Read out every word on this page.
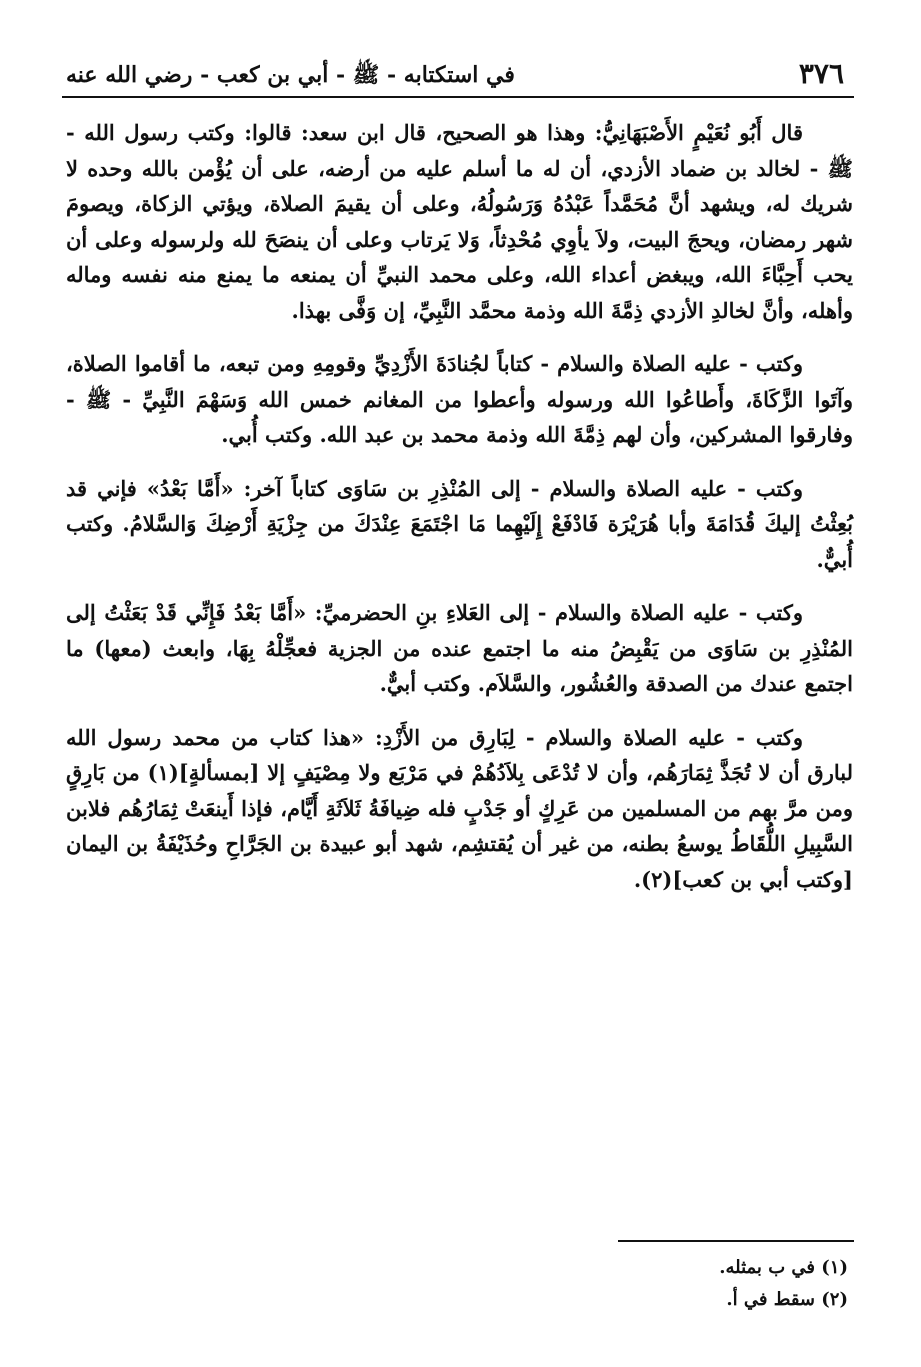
٣٧٦
في استكتابه - ﷺ - أبي بن كعب - رضي الله عنه

قال أَبُو نُعَيْمٍ الأَصْبَهَانِيُّ: وهذا هو الصحيح، قال ابن سعد: قالوا: وكتب رسول الله - ﷺ - لخالد بن ضماد الأزدي، أن له ما أسلم عليه من أرضه، على أن يُؤْمن بالله وحده لا شريك له، ويشهد أنَّ مُحَمَّداً عَبْدُهُ وَرَسُولُهُ، وعلى أن يقيمَ الصلاة، ويؤتي الزكاة، ويصومَ شهر رمضان، ويحجَ البيت، ولاَ يأوِي مُحْدِثاً، وَلا يَرتاب وعلى أن ينصَحَ لله ولرسوله وعلى أن يحب أَحِبَّاءَ الله، ويبغض أعداء الله، وعلى محمد النبيِّ أن يمنعه ما يمنع منه نفسه وماله وأهله، وأنَّ لخالدِ الأزدي ذِمَّةَ الله وذمة محمَّد النَّبِيِّ، إن وَفَّى بهذا.

وكتب - عليه الصلاة والسلام - كتاباً لجُنادَةَ الأَزْدِيِّ وقومِهِ ومن تبعه، ما أقاموا الصلاة، وآتَوا الزَّكَاةَ، وأَطاعُوا الله ورسوله وأعطوا من المغانم خمس الله وَسَهْمَ النَّبِيِّ - ﷺ - وفارقوا المشركين، وأن لهم ذِمَّةَ الله وذمة محمد بن عبد الله. وكتب أُبي.

وكتب - عليه الصلاة والسلام - إلى المُنْذِرِ بن سَاوَى كتاباً آخر: «أَمَّا بَعْدُ» فإني قد بُعِثْتُ إليكَ قُدَامَةَ وأبا هُرَيْرَة فَادْفَعْ إِلَيْهِما مَا اجْتَمَعَ عِنْدَكَ من جِزْيَةِ أَرْضِكَ وَالسَّلامُ. وكتب أُبيٌّ.

وكتب - عليه الصلاة والسلام - إلى العَلاءِ بنِ الحضرميِّ: «أَمَّا بَعْدُ فَإِنِّي قَدْ بَعَثْتُ إلى المُنْذِرِ بن سَاوَى من يَقْبِضُ منه ما اجتمع عنده من الجزية فعجِّلْهُ بِهَا، وابعث (معها) ما اجتمع عندك من الصدقة والعُشُور، والسَّلاَم. وكتب أبيٌّ.

وكتب - عليه الصلاة والسلام - لِبَارِق من الأَزْدِ: «هذا كتاب من محمد رسول الله لبارق أن لا تُجَذَّ ثِمَارَهُم، وأن لا تُدْعَى بِلاَدُهُمْ في مَرْبَع ولا مِصْيَفٍ إلا [بمسألةٍ](١) من بَارِقٍ ومن مرَّ بهم من المسلمين من عَرِكٍ أو جَدْبٍ فله ضِيافَةُ ثَلاَثَةِ أَيَّام، فإذا أَينعَتْ ثِمَارُهُم فلابن السَّبِيلِ اللُّقَاطُ يوسعُ بطنه، من غير أن يُقتشِم، شهد أبو عبيدة بن الجَرَّاحِ وحُذَيْفَةُ بن اليمان [وكتب أبي بن كعب](٢).

(١) في ب بمثله.
(٢) سقط في أ.
